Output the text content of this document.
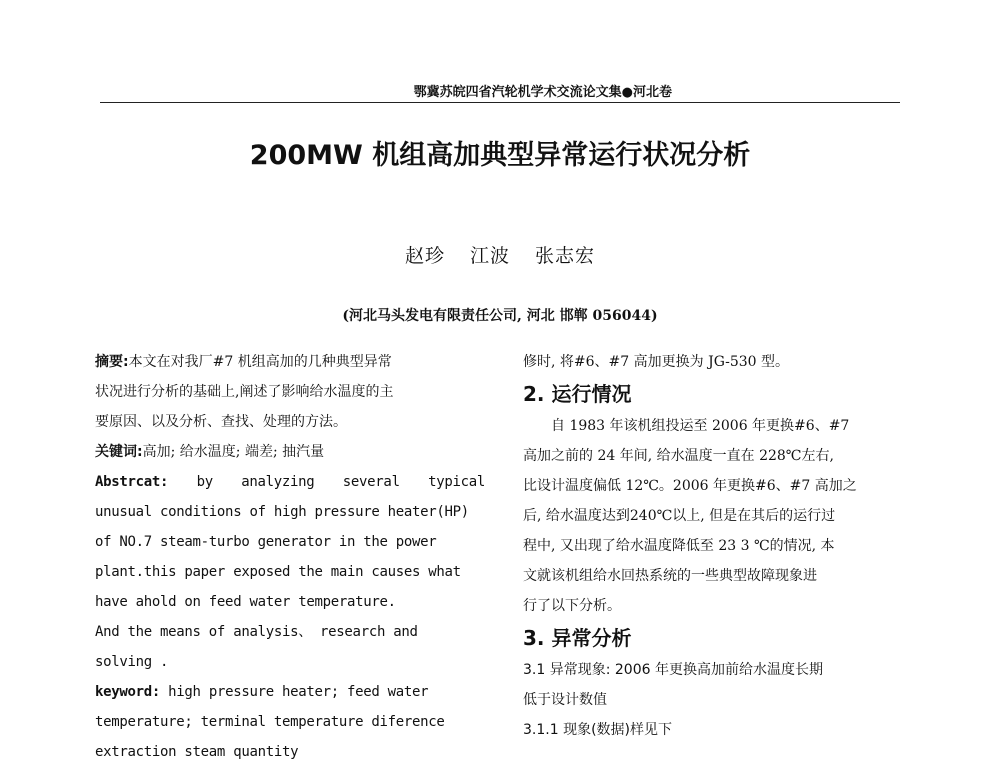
鄂冀苏皖四省汽轮机学术交流论文集●河北卷
200MW 机组高加典型异常运行状况分析
赵珍 江波 张志宏
(河北马头发电有限责任公司, 河北 邯郸 056044)
摘要:本文在对我厂#7 机组高加的几种典型异常
状况进行分析的基础上,阐述了影响给水温度的主
要原因、以及分析、查找、处理的方法。
关键词:高加; 给水温度; 端差; 抽汽量
Abstrcat: by analyzing several typical
unusual conditions of high pressure heater(HP)
of NO.7 steam-turbo generator in the power
plant.this paper exposed the main causes what
have ahold on feed water temperature.
And the means of analysis、 research and
solving .
keyword: high pressure heater; feed water
temperature; terminal temperature diference
extraction steam quantity
修时, 将#6、#7 高加更换为 JG-530 型。
2. 运行情况
自 1983 年该机组投运至 2006 年更换#6、#7
高加之前的 24 年间, 给水温度一直在 228℃左右,
比设计温度偏低 12℃。2006 年更换#6、#7 高加之
后, 给水温度达到240℃以上, 但是在其后的运行过
程中, 又出现了给水温度降低至 23 3 ℃的情况, 本
文就该机组给水回热系统的一些典型故障现象进
行了以下分析。
3. 异常分析
3.1 异常现象: 2006 年更换高加前给水温度长期
低于设计数值
3.1.1 现象(数据)样见下
